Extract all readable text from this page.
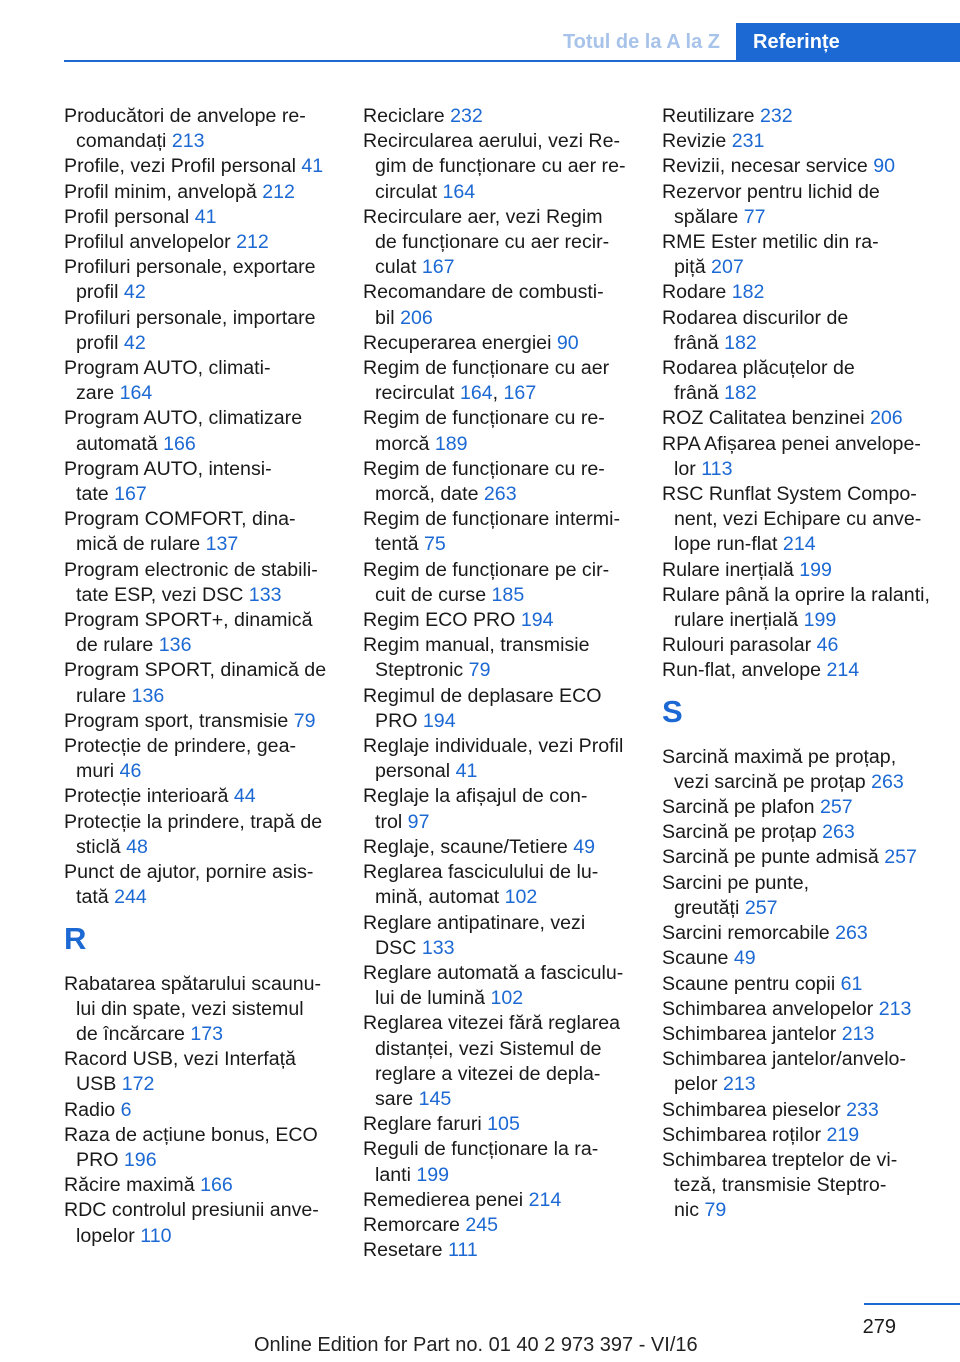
Totul de la A la Z	Referințe
Producători de anvelope re-
comandați 213
Profile, vezi Profil personal 41
Profil minim, anvelopă 212
Profil personal 41
Profilul anvelopelor 212
Profiluri personale, exportare
profil 42
Profiluri personale, importare
profil 42
Program AUTO, climati-
zare 164
Program AUTO, climatizare
automată 166
Program AUTO, intensi-
tate 167
Program COMFORT, dina-
mică de rulare 137
Program electronic de stabili-
tate ESP, vezi DSC 133
Program SPORT+, dinamică
de rulare 136
Program SPORT, dinamică de
rulare 136
Program sport, transmisie 79
Protecție de prindere, gea-
muri 46
Protecție interioară 44
Protecție la prindere, trapă de
sticlă 48
Punct de ajutor, pornire asis-
tată 244
R
Rabatarea spătarului scaunu-
lui din spate, vezi sistemul
de încărcare 173
Racord USB, vezi Interfață
USB 172
Radio 6
Raza de acțiune bonus, ECO
PRO 196
Răcire maximă 166
RDC controlul presiunii anve-
lopelor 110
Reciclare 232
Recircularea aerului, vezi Re-
gim de funcționare cu aer re-
circulat 164
Recirculare aer, vezi Regim
de funcționare cu aer recir-
culat 167
Recomandare de combusti-
bil 206
Recuperarea energiei 90
Regim de funcționare cu aer
recirculat 164, 167
Regim de funcționare cu re-
morcă 189
Regim de funcționare cu re-
morcă, date 263
Regim de funcționare intermi-
tentă 75
Regim de funcționare pe cir-
cuit de curse 185
Regim ECO PRO 194
Regim manual, transmisie
Steptronic 79
Regimul de deplasare ECO
PRO 194
Reglaje individuale, vezi Profil
personal 41
Reglaje la afișajul de con-
trol 97
Reglaje, scaune/Tetiere 49
Reglarea fasciculului de lu-
mină, automat 102
Reglare antipatinare, vezi
DSC 133
Reglare automată a fasciculu-
lui de lumină 102
Reglarea vitezei fără reglarea
distanței, vezi Sistemul de
reglare a vitezei de depla-
sare 145
Reglare faruri 105
Reguli de funcționare la ra-
lanti 199
Remedierea penei 214
Remorcare 245
Resetare 111
Reutilizare 232
Revizie 231
Revizii, necesar service 90
Rezervor pentru lichid de
spălare 77
RME Ester metilic din ra-
piță 207
Rodare 182
Rodarea discurilor de
frână 182
Rodarea plăcuțelor de
frână 182
ROZ Calitatea benzinei 206
RPA Afișarea penei anvelope-
lor 113
RSC Runflat System Compo-
nent, vezi Echipare cu anve-
lope run-flat 214
Rulare inerțială 199
Rulare până la oprire la ralanti,
rulare inerțială 199
Rulouri parasolar 46
Run-flat, anvelope 214
S
Sarcină maximă pe proțap,
vezi sarcină pe proțap 263
Sarcină pe plafon 257
Sarcină pe proțap 263
Sarcină pe punte admisă 257
Sarcini pe punte,
greutăți 257
Sarcini remorcabile 263
Scaune 49
Scaune pentru copii 61
Schimbarea anvelopelor 213
Schimbarea jantelor 213
Schimbarea jantelor/anvelo-
pelor 213
Schimbarea pieselor 233
Schimbarea roților 219
Schimbarea treptelor de vi-
teză, transmisie Steptro-
nic 79
279
Online Edition for Part no. 01 40 2 973 397 - VI/16
